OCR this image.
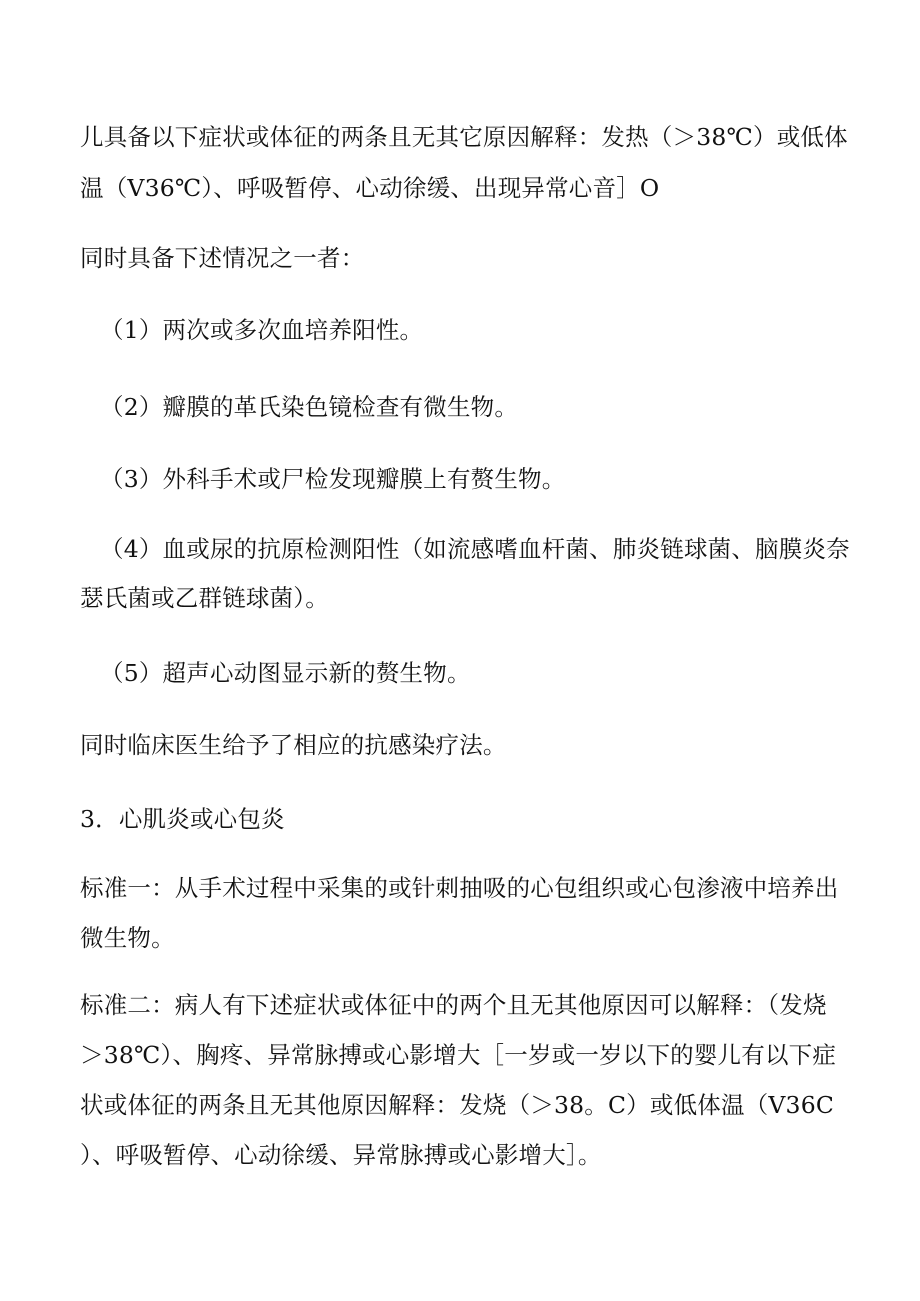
儿具备以下症状或体征的两条且无其它原因解释：发热（＞38℃）或低体
温（V36℃）、呼吸暂停、心动徐缓、出现异常心音］O
同时具备下述情况之一者：
（1）两次或多次血培养阳性。
（2）瓣膜的革氏染色镜检查有微生物。
（3）外科手术或尸检发现瓣膜上有赘生物。
（4）血或尿的抗原检测阳性（如流感嗜血杆菌、肺炎链球菌、脑膜炎奈
瑟氏菌或乙群链球菌）。
（5）超声心动图显示新的赘生物。
同时临床医生给予了相应的抗感染疗法。
3．心肌炎或心包炎
标准一：从手术过程中采集的或针刺抽吸的心包组织或心包渗液中培养出
微生物。
标准二：病人有下述症状或体征中的两个且无其他原因可以解释：（发烧
＞38℃）、胸疼、异常脉搏或心影增大［一岁或一岁以下的婴儿有以下症
状或体征的两条且无其他原因解释：发烧（＞38。C）或低体温（V36C
）、呼吸暂停、心动徐缓、异常脉搏或心影增大］。
